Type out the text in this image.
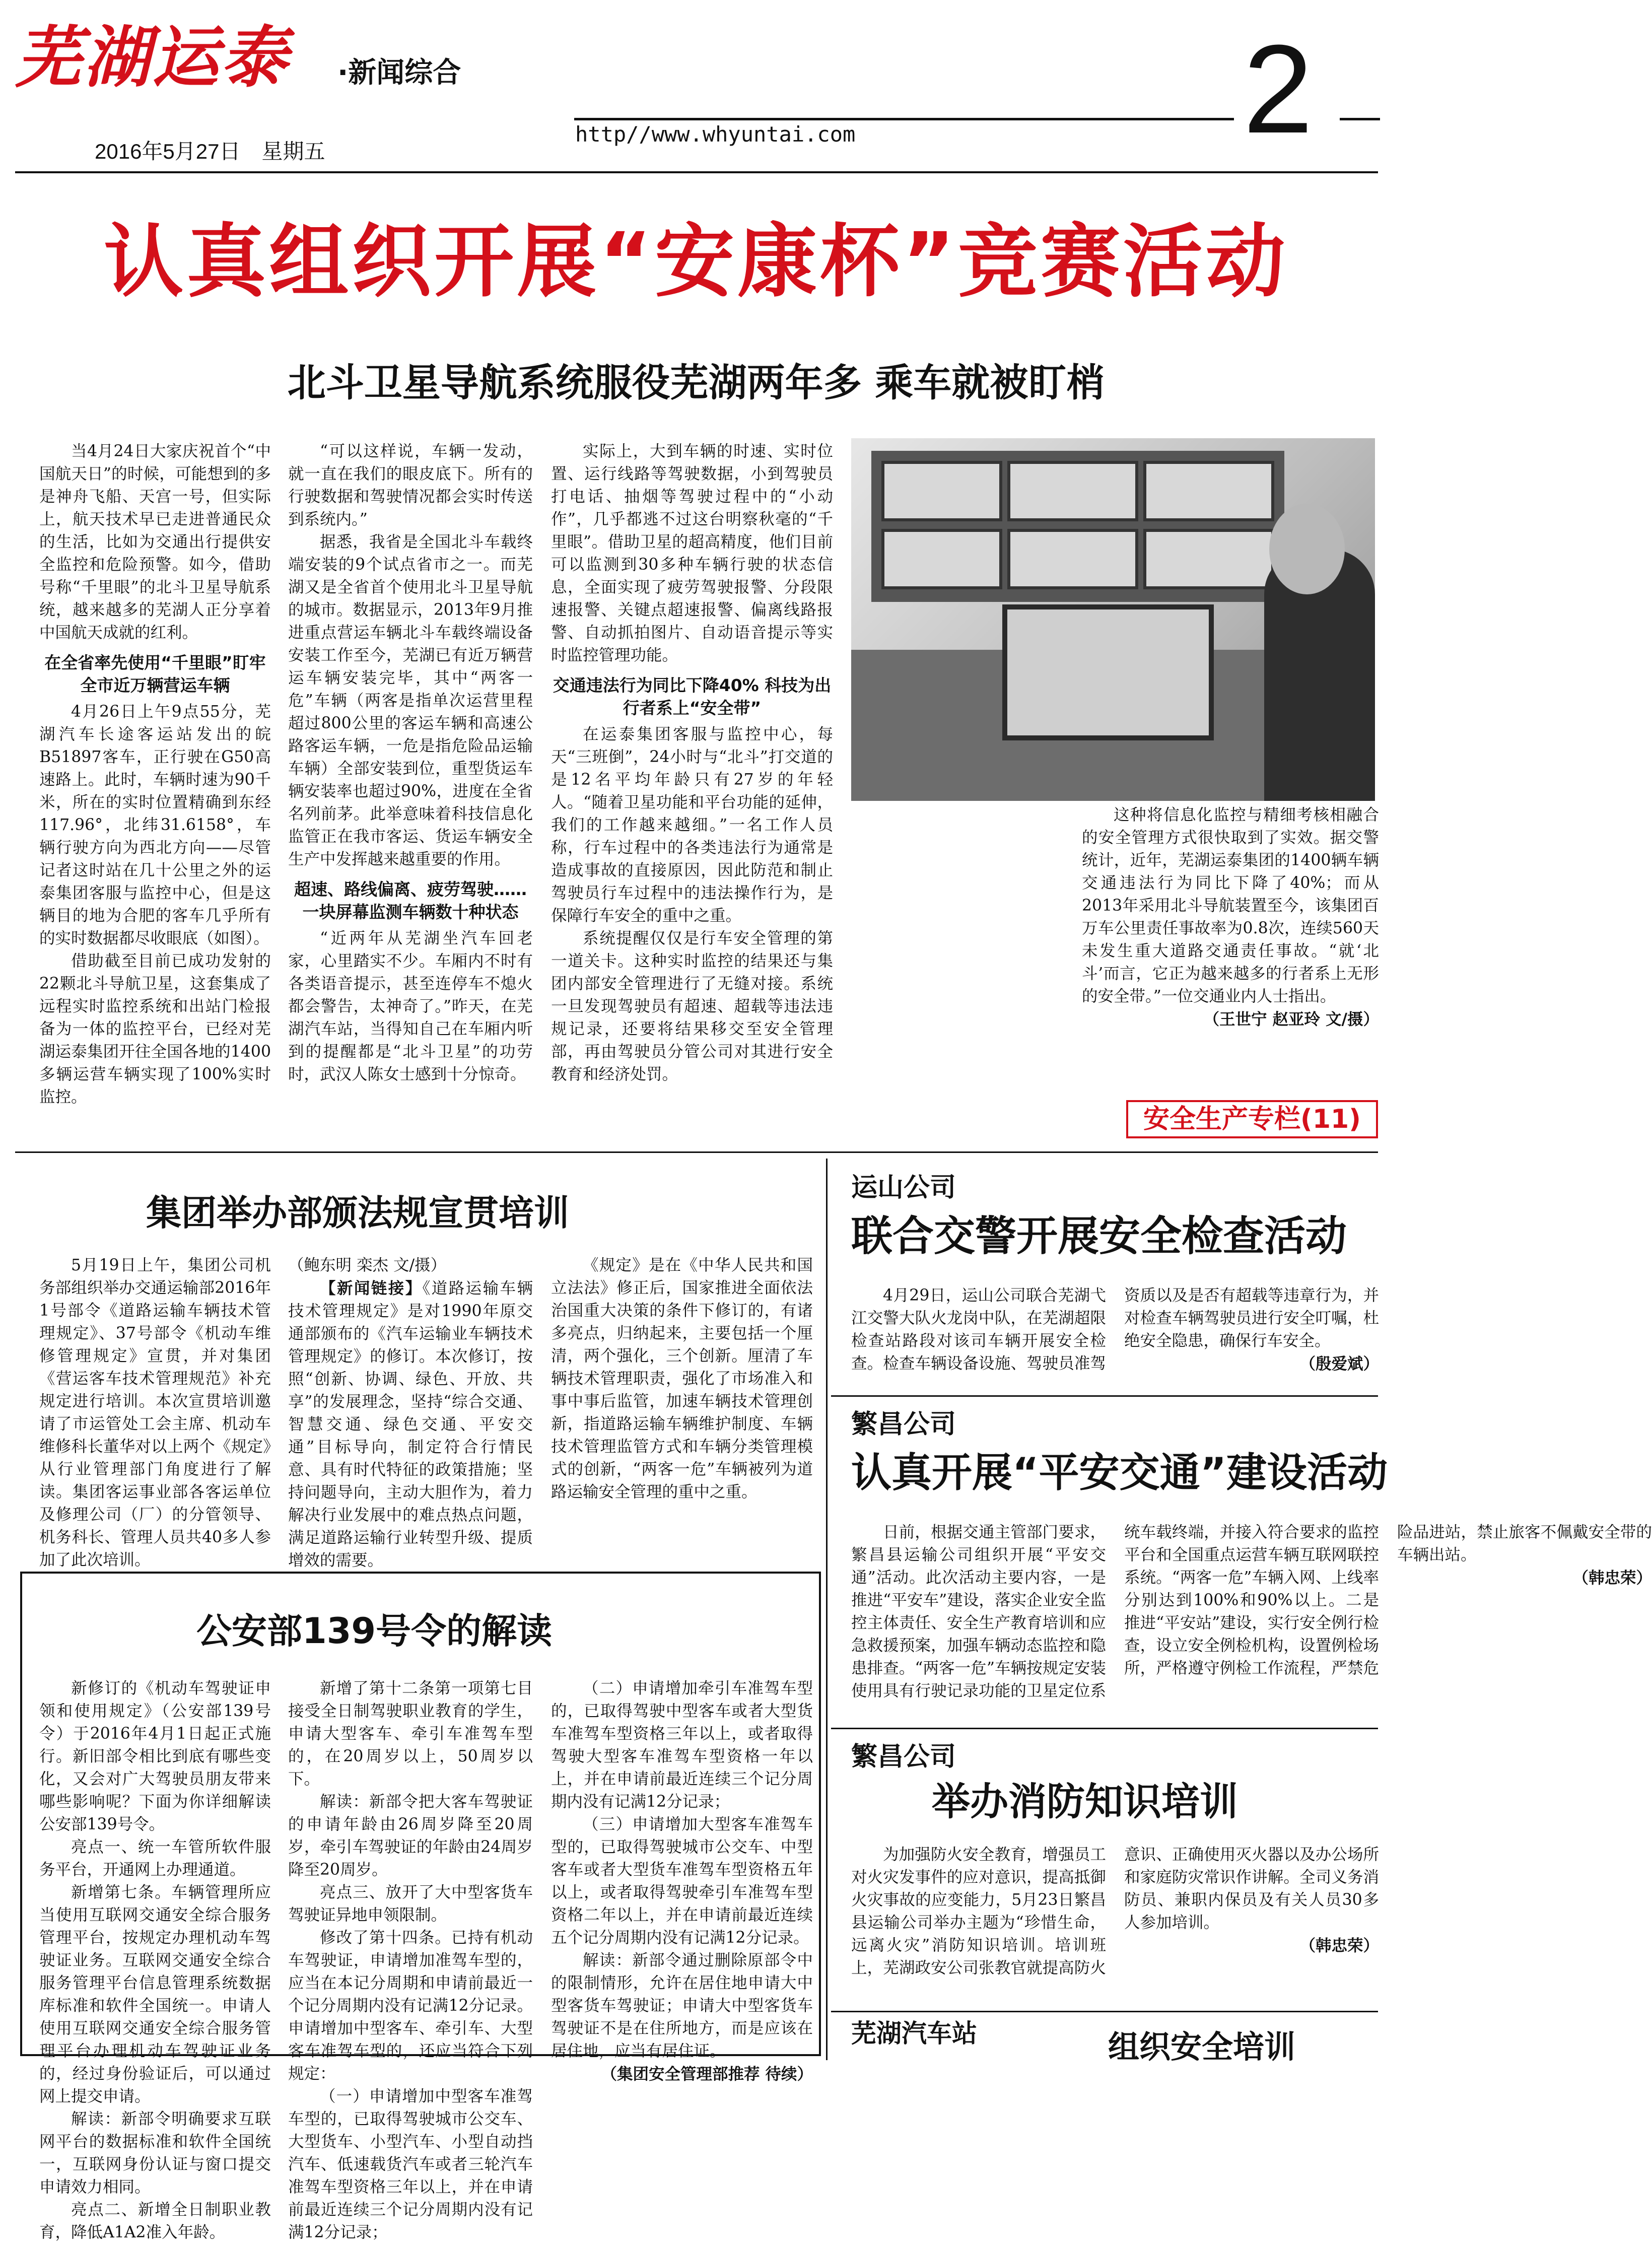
芜湖运泰	·新闻综合
2016年5月27日　星期五
http//www.whyuntai.com	2
认真组织开展“安康杯”竞赛活动
北斗卫星导航系统服役芜湖两年多 乘车就被盯梢

当4月24日大家庆祝首个“中国航天日”的时候，可能想到的多是神舟飞船、天宫一号，但实际上，航天技术早已走进普通民众的生活，比如为交通出行提供安全监控和危险预警。如今，借助号称“千里眼”的北斗卫星导航系统，越来越多的芜湖人正分享着中国航天成就的红利。

在全省率先使用“千里眼”盯牢全市近万辆营运车辆

4月26日上午9点55分，芜湖汽车长途客运站发出的皖B51897客车，正行驶在G50高速路上。此时，车辆时速为90千米，所在的实时位置精确到东经117.96°，北纬31.6158°，车辆行驶方向为西北方向——尽管记者这时站在几十公里之外的运泰集团客服与监控中心，但是这辆目的地为合肥的客车几乎所有的实时数据都尽收眼底（如图）。

借助截至目前已成功发射的22颗北斗导航卫星，这套集成了远程实时监控系统和出站门检报备为一体的监控平台，已经对芜湖运泰集团开往全国各地的1400多辆运营车辆实现了100%实时监控。

“可以这样说，车辆一发动，就一直在我们的眼皮底下。所有的行驶数据和驾驶情况都会实时传送到系统内。”

据悉，我省是全国北斗车载终端安装的9个试点省市之一。而芜湖又是全省首个使用北斗卫星导航的城市。数据显示，2013年9月推进重点营运车辆北斗车载终端设备安装工作至今，芜湖已有近万辆营运车辆安装完毕，其中“两客一危”车辆（两客是指单次运营里程超过800公里的客运车辆和高速公路客运车辆，一危是指危险品运输车辆）全部安装到位，重型货运车辆安装率也超过90%，进度在全省名列前茅。此举意味着科技信息化监管正在我市客运、货运车辆安全生产中发挥越来越重要的作用。

超速、路线偏离、疲劳驾驶……一块屏幕监测车辆数十种状态

“近两年从芜湖坐汽车回老家，心里踏实不少。车厢内不时有各类语音提示，甚至连停车不熄火都会警告，太神奇了。”昨天，在芜湖汽车站，当得知自己在车厢内听到的提醒都是“北斗卫星”的功劳时，武汉人陈女士感到十分惊奇。

实际上，大到车辆的时速、实时位置、运行线路等驾驶数据，小到驾驶员打电话、抽烟等驾驶过程中的“小动作”，几乎都逃不过这台明察秋毫的“千里眼”。借助卫星的超高精度，他们目前可以监测到30多种车辆行驶的状态信息，全面实现了疲劳驾驶报警、分段限速报警、关键点超速报警、偏离线路报警、自动抓拍图片、自动语音提示等实时监控管理功能。

交通违法行为同比下降40% 科技为出行者系上“安全带”

在运泰集团客服与监控中心，每天“三班倒”，24小时与“北斗”打交道的是12名平均年龄只有27岁的年轻人。“随着卫星功能和平台功能的延伸，我们的工作越来越细。”一名工作人员称，行车过程中的各类违法行为通常是造成事故的直接原因，因此防范和制止驾驶员行车过程中的违法操作行为，是保障行车安全的重中之重。

系统提醒仅仅是行车安全管理的第一道关卡。这种实时监控的结果还与集团内部安全管理进行了无缝对接。系统一旦发现驾驶员有超速、超载等违法违规记录，还要将结果移交至安全管理部，再由驾驶员分管公司对其进行安全教育和经济处罚。

这种将信息化监控与精细考核相融合的安全管理方式很快取到了实效。据交警统计，近年，芜湖运泰集团的1400辆车辆交通违法行为同比下降了40%；而从2013年采用北斗导航装置至今，该集团百万车公里责任事故率为0.8次，连续560天未发生重大道路交通责任事故。“就‘北斗’而言，它正为越来越多的行者系上无形的安全带。”一位交通业内人士指出。

（王世宁 赵亚玲 文/摄）

安全生产专栏(11)
集团举办部颁法规宣贯培训

5月19日上午，集团公司机务部组织举办交通运输部2016年1号部令《道路运输车辆技术管理规定》、37号部令《机动车维修管理规定》宣贯，并对集团《营运客车技术管理规范》补充规定进行培训。本次宣贯培训邀请了市运管处工会主席、机动车维修科长董华对以上两个《规定》从行业管理部门角度进行了解读。集团客运事业部各客运单位及修理公司（厂）的分管领导、机务科长、管理人员共40多人参加了此次培训。

（鲍东明 栾杰 文/摄）

【新闻链接】《道路运输车辆技术管理规定》是对1990年原交通部颁布的《汽车运输业车辆技术管理规定》的修订。本次修订，按照“创新、协调、绿色、开放、共享”的发展理念，坚持“综合交通、智慧交通、绿色交通、平安交通”目标导向，制定符合行情民意、具有时代特征的政策措施；坚持问题导向，主动大胆作为，着力解决行业发展中的难点热点问题，满足道路运输行业转型升级、提质增效的需要。

《规定》是在《中华人民共和国立法法》修正后，国家推进全面依法治国重大决策的条件下修订的，有诸多亮点，归纳起来，主要包括一个厘清，两个强化，三个创新。厘清了车辆技术管理职责，强化了市场准入和事中事后监管，加速车辆技术管理创新，指道路运输车辆维护制度、车辆技术管理监管方式和车辆分类管理模式的创新，“两客一危”车辆被列为道路运输安全管理的重中之重。

公安部139号令的解读

新修订的《机动车驾驶证申领和使用规定》（公安部139号令）于2016年4月1日起正式施行。新旧部令相比到底有哪些变化，又会对广大驾驶员朋友带来哪些影响呢？下面为你详细解读公安部139号令。

亮点一、统一车管所软件服务平台，开通网上办理通道。

新增第七条。车辆管理所应当使用互联网交通安全综合服务管理平台，按规定办理机动车驾驶证业务。互联网交通安全综合服务管理平台信息管理系统数据库标准和软件全国统一。申请人使用互联网交通安全综合服务管理平台办理机动车驾驶证业务的，经过身份验证后，可以通过网上提交申请。

解读：新部令明确要求互联网平台的数据标准和软件全国统一，互联网身份认证与窗口提交申请效力相同。

亮点二、新增全日制职业教育，降低A1A2准入年龄。

新增了第十二条第一项第七目 接受全日制驾驶职业教育的学生，申请大型客车、牵引车准驾车型的，在20周岁以上，50周岁以下。

解读：新部令把大客车驾驶证的申请年龄由26周岁降至20周岁，牵引车驾驶证的年龄由24周岁降至20周岁。

亮点三、放开了大中型客货车驾驶证异地申领限制。

修改了第十四条。已持有机动车驾驶证，申请增加准驾车型的，应当在本记分周期和申请前最近一个记分周期内没有记满12分记录。申请增加中型客车、牵引车、大型客车准驾车型的，还应当符合下列规定：

（一）申请增加中型客车准驾车型的，已取得驾驶城市公交车、大型货车、小型汽车、小型自动挡汽车、低速载货汽车或者三轮汽车准驾车型资格三年以上，并在申请前最近连续三个记分周期内没有记满12分记录；

（二）申请增加牵引车准驾车型的，已取得驾驶中型客车或者大型货车准驾车型资格三年以上，或者取得驾驶大型客车准驾车型资格一年以上，并在申请前最近连续三个记分周期内没有记满12分记录；

（三）申请增加大型客车准驾车型的，已取得驾驶城市公交车、中型客车或者大型货车准驾车型资格五年以上，或者取得驾驶牵引车准驾车型资格二年以上，并在申请前最近连续五个记分周期内没有记满12分记录。

解读：新部令通过删除原部令中的限制情形，允许在居住地申请大中型客货车驾驶证；申请大中型客货车驾驶证不是在住所地方，而是应该在居住地，应当有居住证。

（集团安全管理部推荐 待续）

运山公司
联合交警开展安全检查活动

4月29日，运山公司联合芜湖弋江交警大队火龙岗中队，在芜湖超限检查站路段对该司车辆开展安全检查。检查车辆设备设施、驾驶员准驾资质以及是否有超载等违章行为，并对检查车辆驾驶员进行安全叮嘱，杜绝安全隐患，确保行车安全。

（殷爱斌）

繁昌公司
认真开展“平安交通”建设活动

日前，根据交通主管部门要求，繁昌县运输公司组织开展“平安交通”活动。此次活动主要内容，一是推进“平安车”建设，落实企业安全监控主体责任、安全生产教育培训和应急救援预案，加强车辆动态监控和隐患排查。“两客一危”车辆按规定安装使用具有行驶记录功能的卫星定位系统车载终端，并接入符合要求的监控平台和全国重点运营车辆互联网联控系统。“两客一危”车辆入网、上线率分别达到100%和90%以上。二是推进“平安站”建设，实行安全例行检查，设立安全例检机构，设置例检场所，严格遵守例检工作流程，严禁危险品进站，禁止旅客不佩戴安全带的车辆出站。

（韩忠荣）

繁昌公司
举办消防知识培训

为加强防火安全教育，增强员工对火灾发事件的应对意识，提高抵御火灾事故的应变能力，5月23日繁昌县运输公司举办主题为“珍惜生命，远离火灾”消防知识培训。培训班上，芜湖政安公司张教官就提高防火意识、正确使用灭火器以及办公场所和家庭防灾常识作讲解。全司义务消防员、兼职内保员及有关人员30多人参加培训。

（韩忠荣）

芜湖汽车站	组织安全培训
